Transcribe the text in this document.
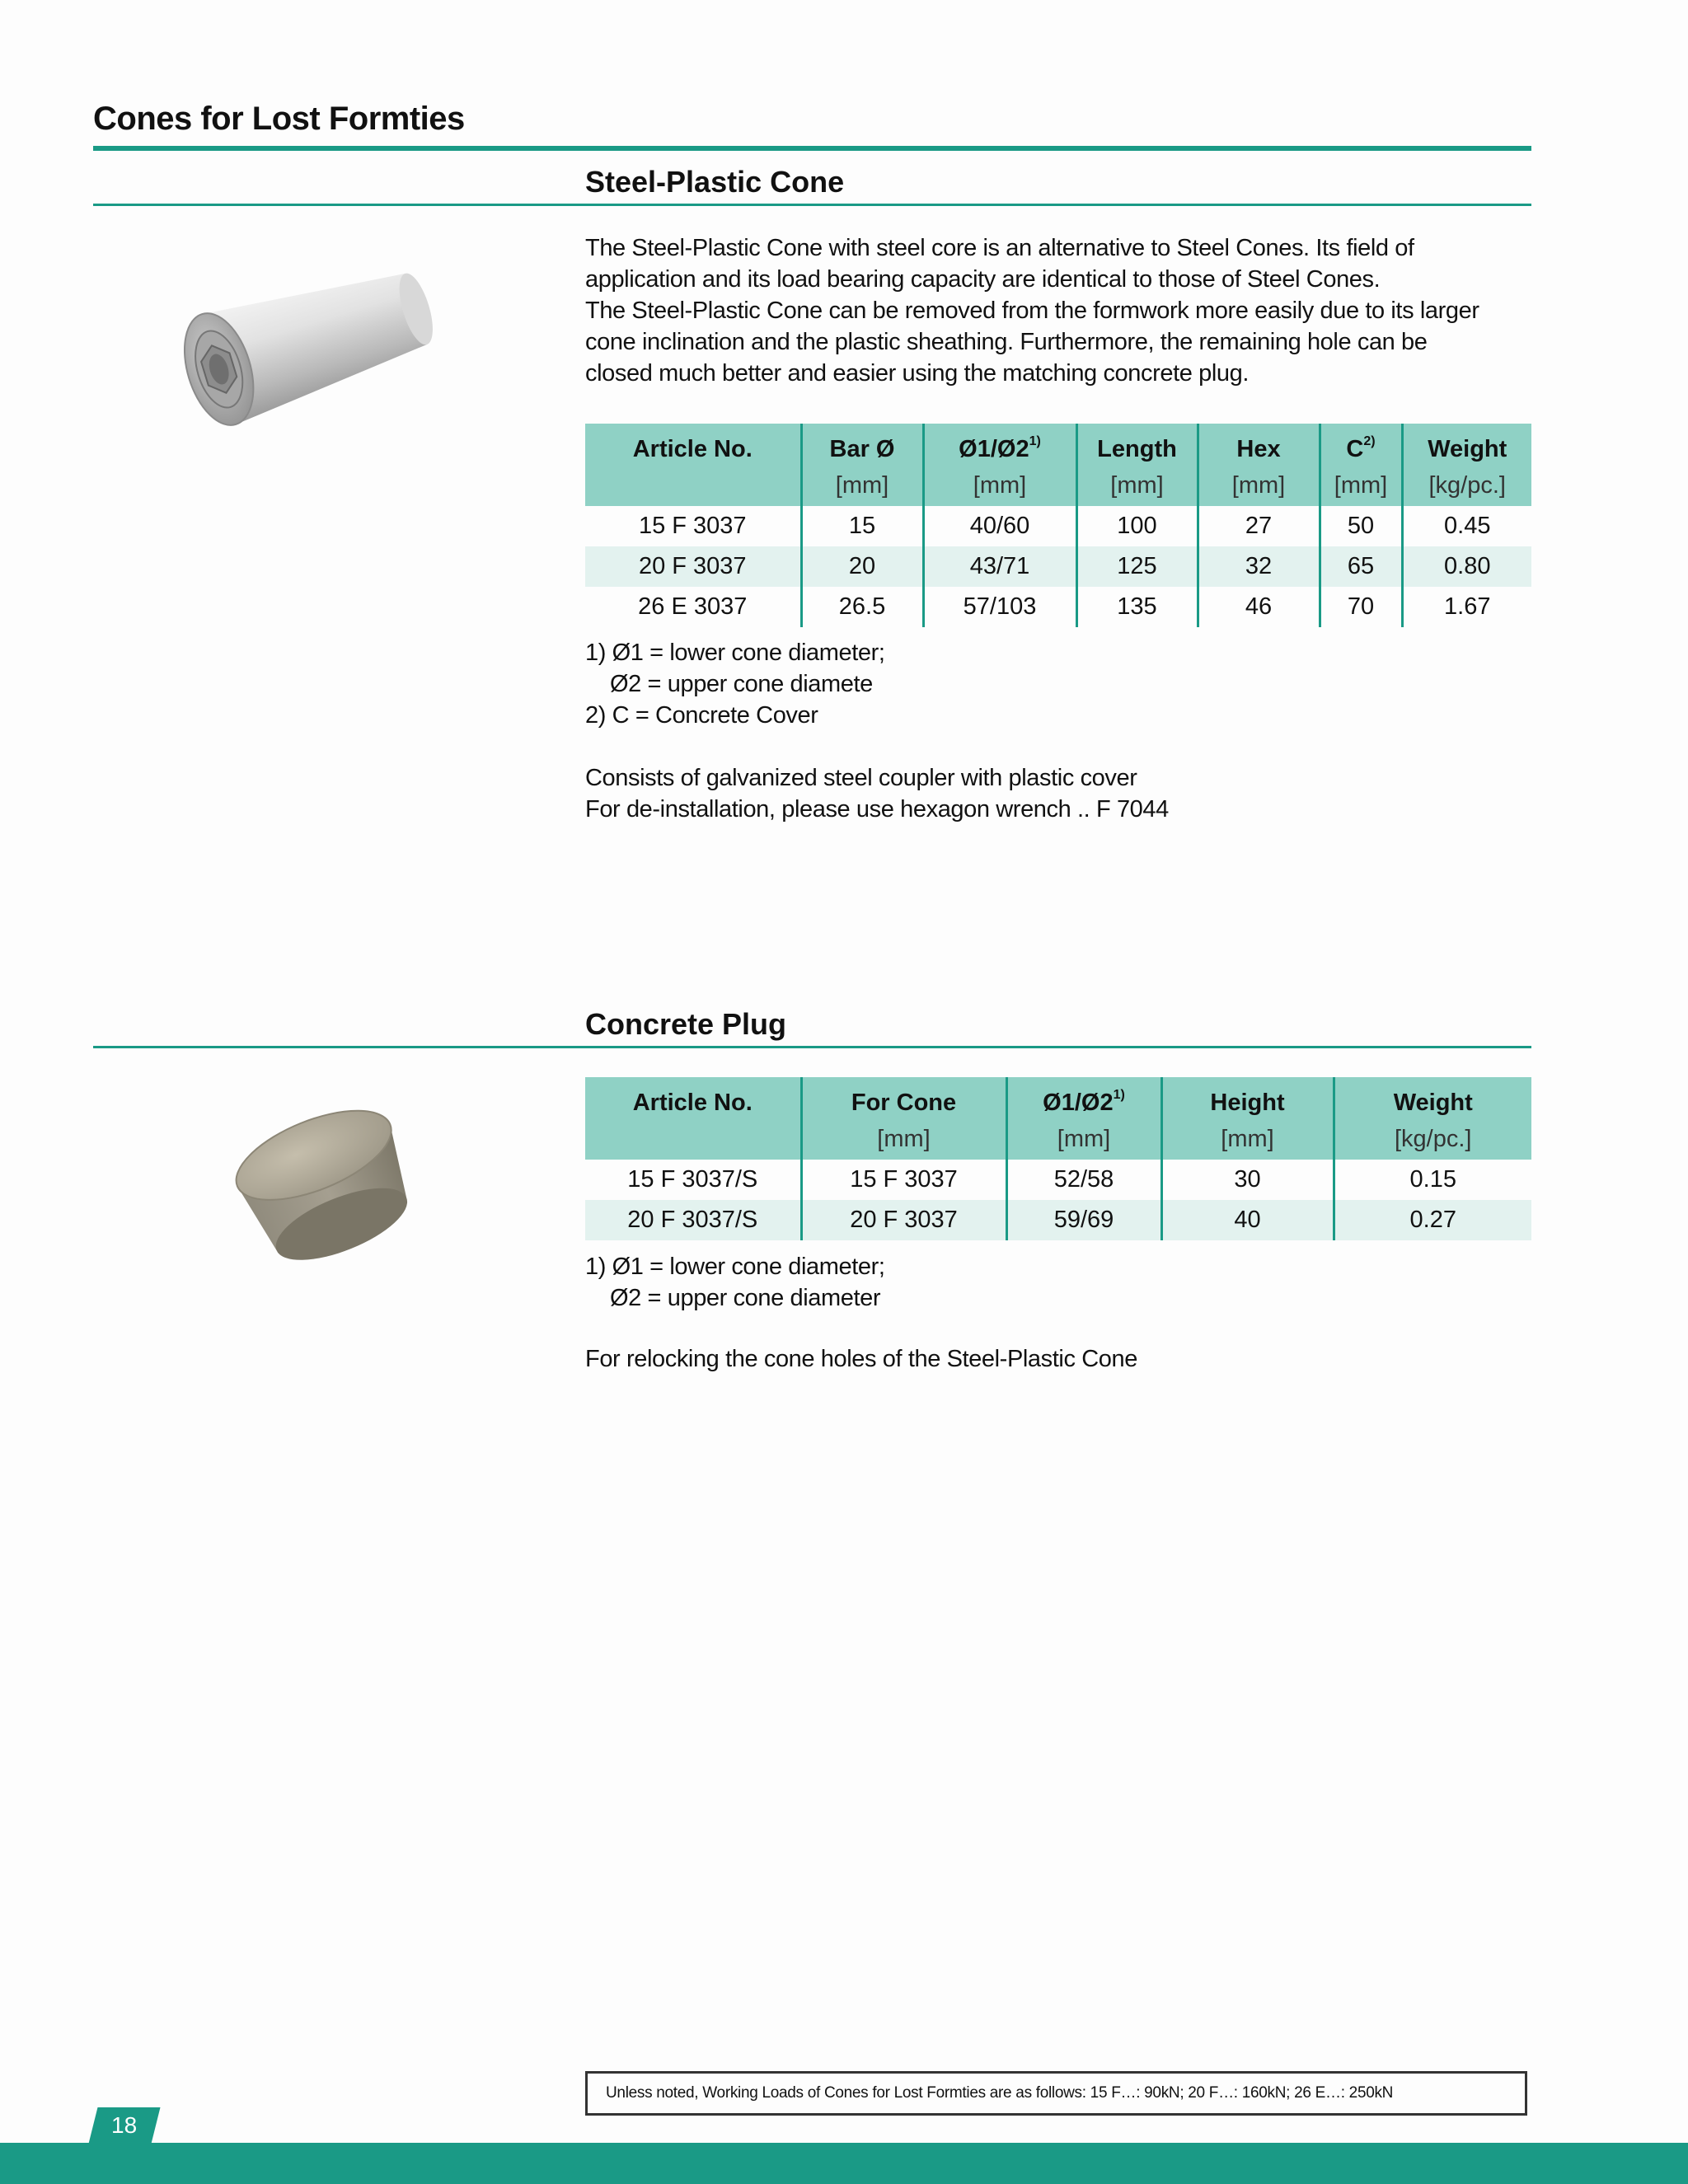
Cones for Lost Formties
Steel-Plastic Cone
The Steel-Plastic Cone with steel core is an alternative to Steel Cones. Its field of
application and its load bearing capacity are identical to those of Steel Cones.
The Steel-Plastic Cone can be removed from the formwork more easily due to its larger
cone inclination and the plastic sheathing. Furthermore, the remaining hole can be
closed much better and easier using the matching concrete plug.
Article No.	Bar Ø	Ø1/Ø2$^{1)}$	Length	Hex	$C^{2)}$	Weight
	[mm]	[mm]	[mm]	[mm]	[mm]	[kg/pc.]
15 F 3037	15	40/60	100	27	50	0.45
20 F 3037	20	43/71	125	32	65	0.80
26 E 3037	26.5	57/103	135	46	70	1.67
1) Ø1 = lower cone diameter;
Ø2 = upper cone diamete
2) C = Concrete Cover
Consists of galvanized steel coupler with plastic cover
For de-installation, please use hexagon wrench .. F 7044
Concrete Plug
Article No.	For Cone	Ø1/Ø2$^{1)}$	Height	Weight
	[mm]	[mm]	[mm]	[kg/pc.]
15 F 3037/S	15 F 3037	52/58	30	0.15
20 F 3037/S	20 F 3037	59/69	40	0.27
1) Ø1 = lower cone diameter;
Ø2 = upper cone diameter
For relocking the cone holes of the Steel-Plastic Cone
Unless noted, Working Loads of Cones for Lost Formties are as follows: 15 F…: 90kN; 20 F…: 160kN; 26 E…: 250kN
18
